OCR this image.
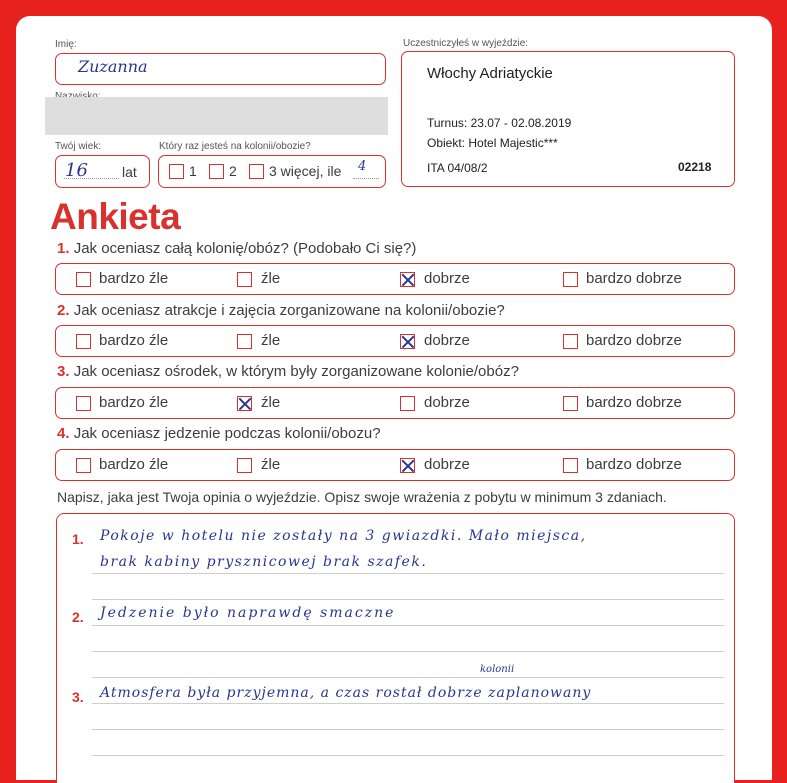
Imię:
Zuzanna
Twój wiek:
16 lat
Który raz jesteś na kolonii/obozie?
1 2 3 więcej, ile 4
Uczestniczyłeś w wyjeździe:
Włochy Adriatyckie
Turnus: 23.07 - 02.08.2019
Obiekt: Hotel Majestic***
ITA 04/08/2	02218
Ankieta
1. Jak oceniasz całą kolonię/obóz? (Podobało Ci się?)
bardzo źle	źle	dobrze	bardzo dobrze
2. Jak oceniasz atrakcje i zajęcia zorganizowane na kolonii/obozie?
bardzo źle	źle	dobrze	bardzo dobrze
3. Jak oceniasz ośrodek, w którym były zorganizowane kolonie/obóz?
bardzo źle	źle	dobrze	bardzo dobrze
4. Jak oceniasz jedzenie podczas kolonii/obozu?
bardzo źle	źle	dobrze	bardzo dobrze
Napisz, jaka jest Twoja opinia o wyjeździe. Opisz swoje wrażenia z pobytu w minimum 3 zdaniach.
1. Pokoje w hotelu nie zostały na 3 gwiazdki. Mało miejsca,
brak kabiny prysznicowej brak szafek.
2. Jedzenie było naprawdę smaczne
kolonii
3. Atmosfera była przyjemna, a czas rostał dobrze zaplanowany
